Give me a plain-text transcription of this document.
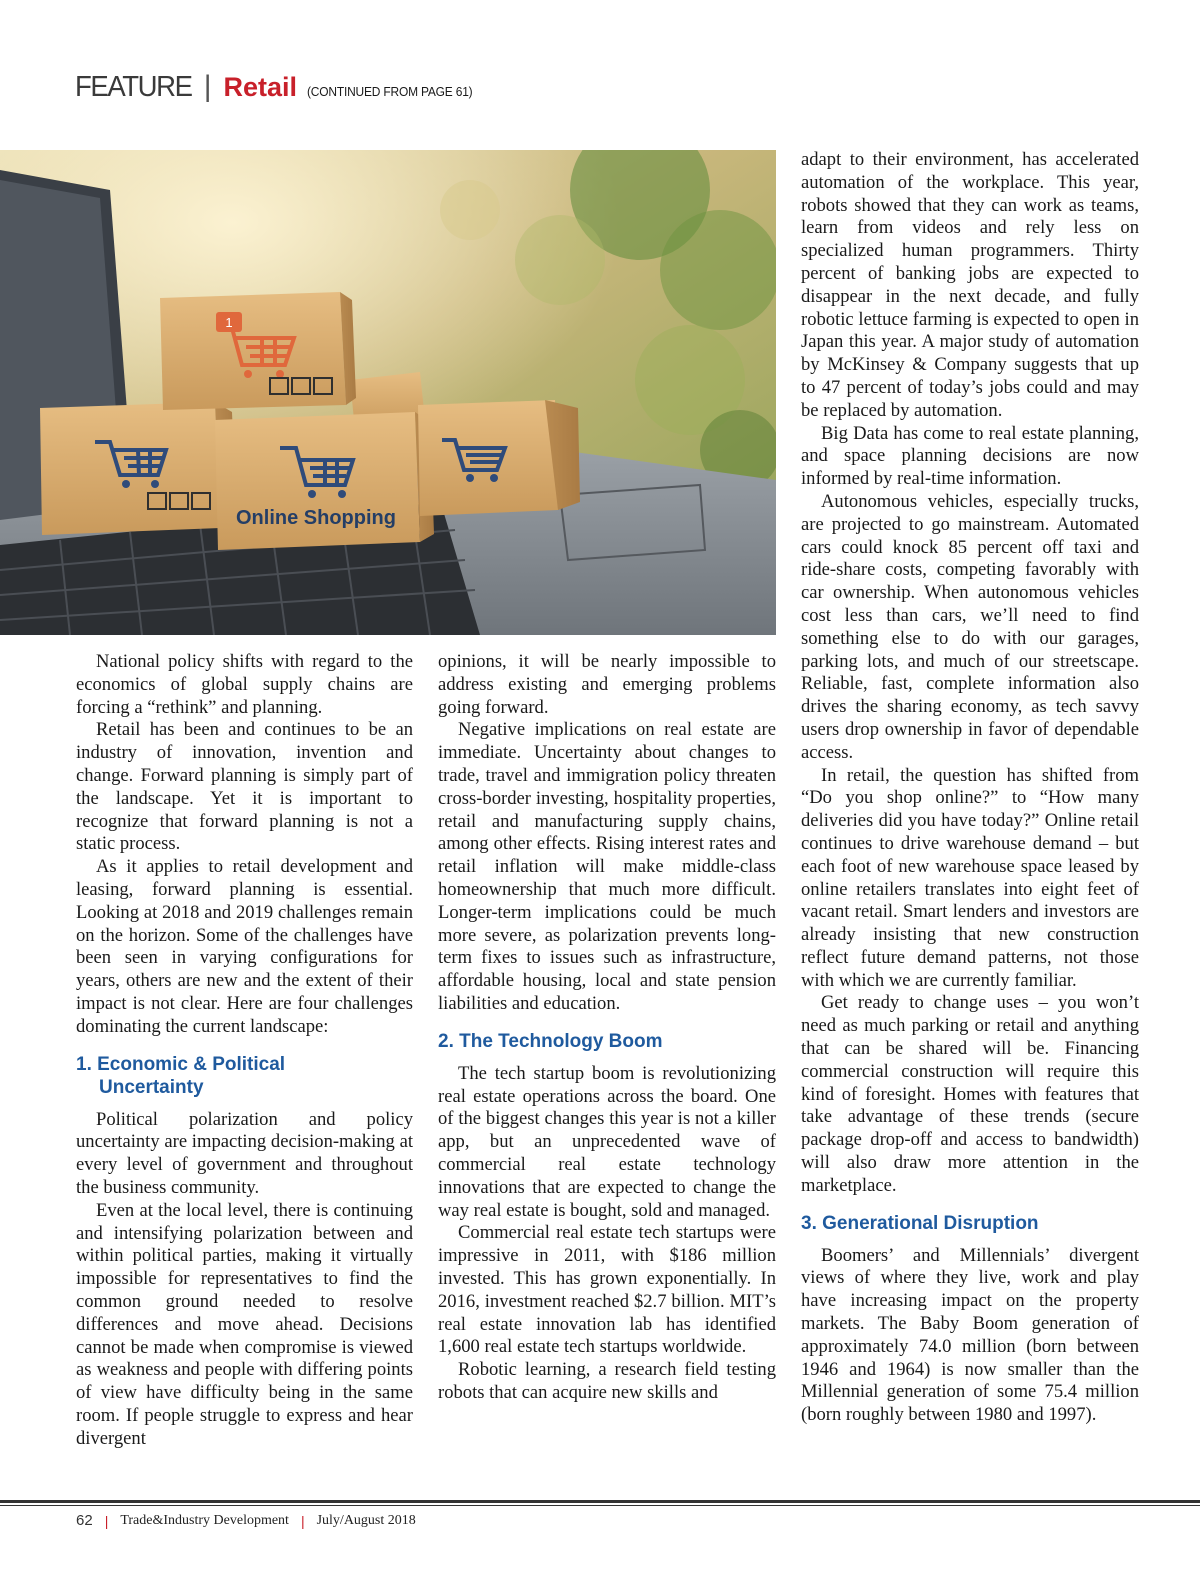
FEATURE | Retail (CONTINUED FROM PAGE 61)
1
Online Shopping

National policy shifts with regard to the economics of global supply chains are forcing a “rethink” and planning.

Retail has been and continues to be an industry of innovation, invention and change. Forward planning is simply part of the landscape. Yet it is important to recognize that forward planning is not a static process.

As it applies to retail development and leasing, forward planning is essential. Looking at 2018 and 2019 challenges remain on the horizon. Some of the challenges have been seen in varying configurations for years, others are new and the extent of their impact is not clear. Here are four challenges dominating the current landscape:

1. Economic & Political
Uncertainty

Political polarization and policy uncertainty are impacting decision-making at every level of government and throughout the business community.

Even at the local level, there is continuing and intensifying polarization between and within political parties, making it virtually impossible for representatives to find the common ground needed to resolve differences and move ahead. Decisions cannot be made when compromise is viewed as weakness and people with differing points of view have difficulty being in the same room. If people struggle to express and hear divergent

opinions, it will be nearly impossible to address existing and emerging problems going forward.

Negative implications on real estate are immediate. Uncertainty about changes to trade, travel and immigration policy threaten cross-border investing, hospitality properties, retail and manufacturing supply chains, among other effects. Rising interest rates and retail inflation will make middle-class homeownership that much more difficult. Longer-term implications could be much more severe, as polarization prevents long-term fixes to issues such as infrastructure, affordable housing, local and state pension liabilities and education.

2. The Technology Boom

The tech startup boom is revolutionizing real estate operations across the board. One of the biggest changes this year is not a killer app, but an unprecedented wave of commercial real estate technology innovations that are expected to change the way real estate is bought, sold and managed.

Commercial real estate tech startups were impressive in 2011, with $186 million invested. This has grown exponentially. In 2016, investment reached $2.7 billion. MIT’s real estate innovation lab has identified 1,600 real estate tech startups worldwide.

Robotic learning, a research field testing robots that can acquire new skills and

adapt to their environment, has accelerated automation of the workplace. This year, robots showed that they can work as teams, learn from videos and rely less on specialized human programmers. Thirty percent of banking jobs are expected to disappear in the next decade, and fully robotic lettuce farming is expected to open in Japan this year. A major study of automation by McKinsey & Company suggests that up to 47 percent of today’s jobs could and may be replaced by automation.

Big Data has come to real estate planning, and space planning decisions are now informed by real-time information.

Autonomous vehicles, especially trucks, are projected to go mainstream. Automated cars could knock 85 percent off taxi and ride-share costs, competing favorably with car ownership. When autonomous vehicles cost less than cars, we’ll need to find something else to do with our garages, parking lots, and much of our streetscape. Reliable, fast, complete information also drives the sharing economy, as tech savvy users drop ownership in favor of dependable access.

In retail, the question has shifted from “Do you shop online?” to “How many deliveries did you have today?” Online retail continues to drive warehouse demand – but each foot of new warehouse space leased by online retailers translates into eight feet of vacant retail. Smart lenders and investors are already insisting that new construction reflect future demand patterns, not those with which we are currently familiar.

Get ready to change uses – you won’t need as much parking or retail and anything that can be shared will be. Financing commercial construction will require this kind of foresight. Homes with features that take advantage of these trends (secure package drop-off and access to bandwidth) will also draw more attention in the marketplace.

3. Generational Disruption

Boomers’ and Millennials’ divergent views of where they live, work and play have increasing impact on the property markets. The Baby Boom generation of approximately 74.0 million (born between 1946 and 1964) is now smaller than the Millennial generation of some 75.4 million (born roughly between 1980 and 1997).

62 | Trade&Industry Development | July/August 2018
